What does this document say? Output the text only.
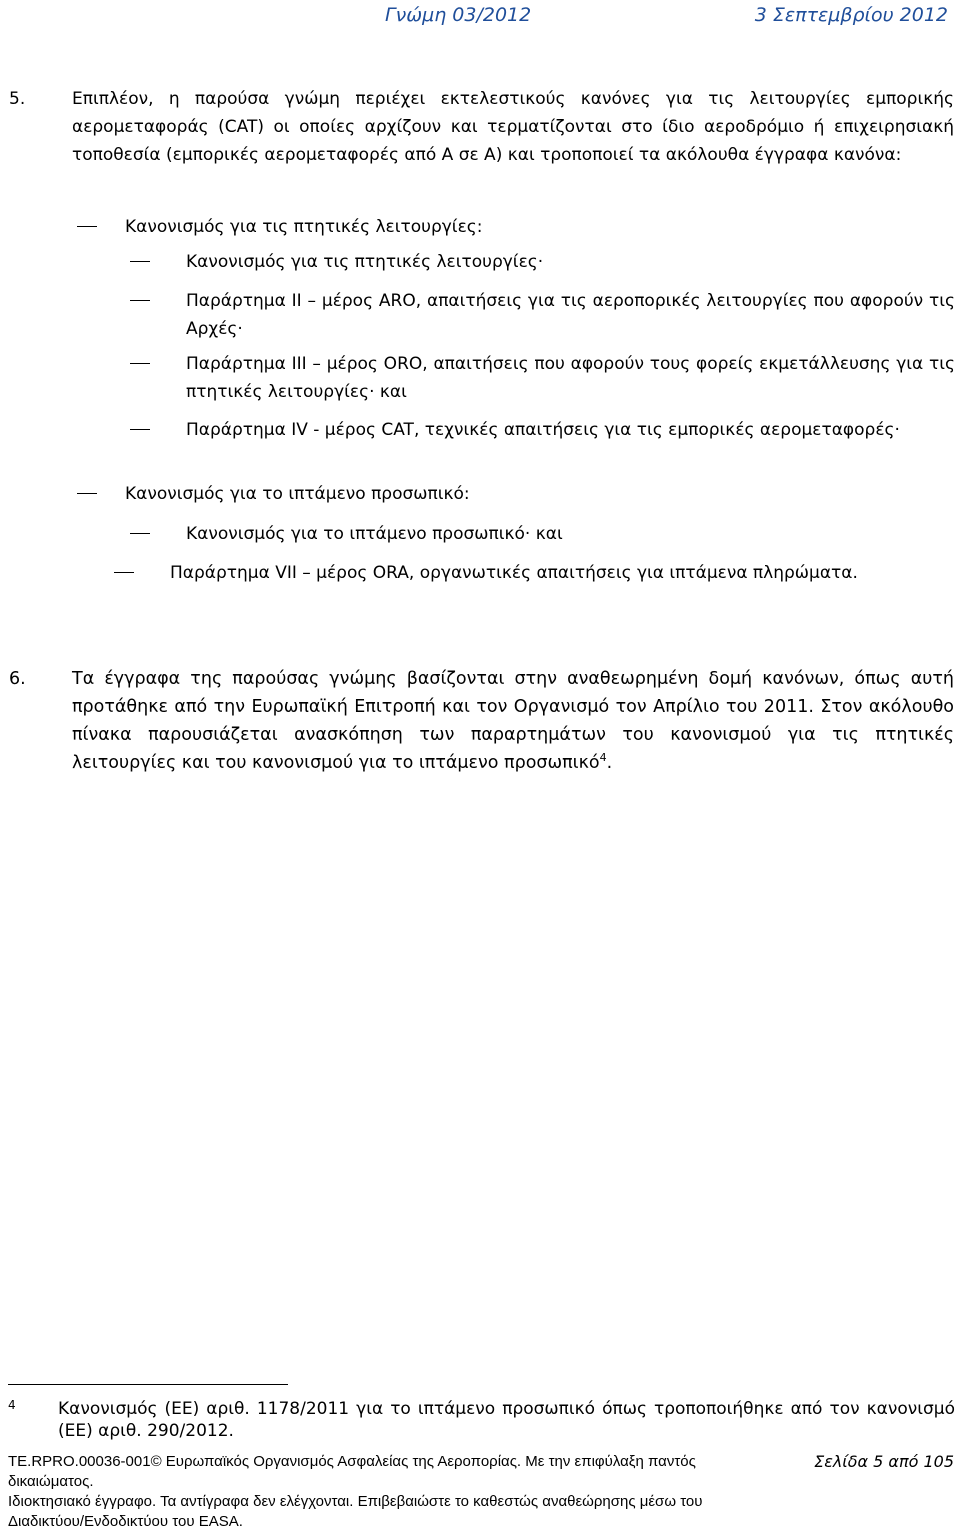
Γνώμη 03/2012	3 Σεπτεμβρίου 2012
5.	Επιπλέον, η παρούσα γνώμη περιέχει εκτελεστικούς κανόνες για τις λειτουργίες εμπορικής αερομεταφοράς (CAT) οι οποίες αρχίζουν και τερματίζονται στο ίδιο αεροδρόμιο ή επιχειρησιακή τοποθεσία (εμπορικές αερομεταφορές από Α σε Α) και τροποποιεί τα ακόλουθα έγγραφα κανόνα:
Κανονισμός για τις πτητικές λειτουργίες:
Κανονισμός για τις πτητικές λειτουργίες·
Παράρτημα ΙΙ – μέρος ARO, απαιτήσεις για τις αεροπορικές λειτουργίες που αφορούν τις Αρχές·
Παράρτημα ΙΙΙ – μέρος ORO, απαιτήσεις που αφορούν τους φορείς εκμετάλλευσης για τις πτητικές λειτουργίες· και
Παράρτημα IV - μέρος CAT, τεχνικές απαιτήσεις για τις εμπορικές αερομεταφορές·
Κανονισμός για το ιπτάμενο προσωπικό:
Κανονισμός για το ιπτάμενο προσωπικό· και
Παράρτημα VII – μέρος ORA, οργανωτικές απαιτήσεις για ιπτάμενα πληρώματα.
6.	Τα έγγραφα της παρούσας γνώμης βασίζονται στην αναθεωρημένη δομή κανόνων, όπως αυτή προτάθηκε από την Ευρωπαϊκή Επιτροπή και τον Οργανισμό τον Απρίλιο του 2011. Στον ακόλουθο πίνακα παρουσιάζεται ανασκόπηση των παραρτημάτων του κανονισμού για τις πτητικές λειτουργίες και του κανονισμού για το ιπτάμενο προσωπικό$^4$.
4 Κανονισμός (ΕΕ) αριθ. 1178/2011 για το ιπτάμενο προσωπικό όπως τροποποιήθηκε από τον κανονισμό (ΕΕ) αριθ. 290/2012.
TE.RPRO.00036-001© Ευρωπαϊκός Οργανισμός Ασφαλείας της Αεροπορίας. Με την επιφύλαξη παντός δικαιώματος.
Ιδιοκτησιακό έγγραφο. Τα αντίγραφα δεν ελέγχονται. Επιβεβαιώστε το καθεστώς αναθεώρησης μέσω του Διαδικτύου/Ενδοδικτύου του EASA.
Σελίδα 5 από 105
